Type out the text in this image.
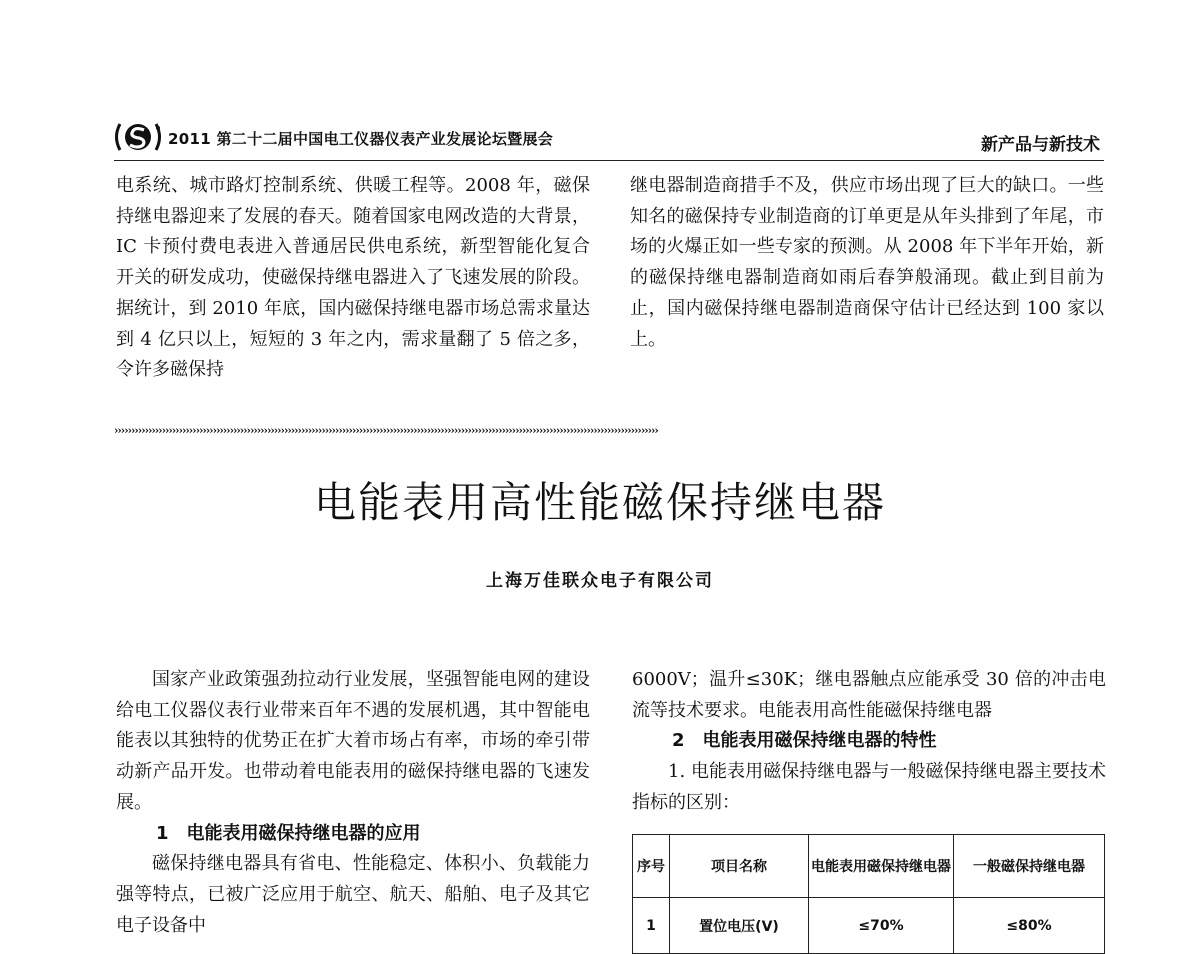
2011 第二十二届中国电工仪器仪表产业发展论坛暨展会	新产品与新技术

电系统、城市路灯控制系统、供暖工程等。2008 年，磁保持继电器迎来了发展的春天。随着国家电网改造的大背景，IC 卡预付费电表进入普通居民供电系统，新型智能化复合开关的研发成功，使磁保持继电器进入了飞速发展的阶段。据统计，到 2010 年底，国内磁保持继电器市场总需求量达到 4 亿只以上，短短的 3 年之内，需求量翻了 5 倍之多，令许多磁保持

继电器制造商措手不及，供应市场出现了巨大的缺口。一些知名的磁保持专业制造商的订单更是从年头排到了年尾，市场的火爆正如一些专家的预测。从 2008 年下半年开始，新的磁保持继电器制造商如雨后春笋般涌现。截止到目前为止，国内磁保持继电器制造商保守估计已经达到 100 家以上。

››››››››››››››››››››››››››››››››››››››››››››››››››››››››››››››››››››››››››››››››››››››››››››››››››››››››››››››››››››››››››››››››››››››››››››››››››››››››››››››››
电能表用高性能磁保持继电器
上海万佳联众电子有限公司

国家产业政策强劲拉动行业发展，坚强智能电网的建设给电工仪器仪表行业带来百年不遇的发展机遇，其中智能电能表以其独特的优势正在扩大着市场占有率，市场的牵引带动新产品开发。也带动着电能表用的磁保持继电器的飞速发展。

1　电能表用磁保持继电器的应用

磁保持继电器具有省电、性能稳定、体积小、负载能力强等特点，已被广泛应用于航空、航天、船舶、电子及其它电子设备中

6000V；温升≤30K；继电器触点应能承受 30 倍的冲击电流等技术要求。电能表用高性能磁保持继电器

2　电能表用磁保持继电器的特性

1. 电能表用磁保持继电器与一般磁保持继电器主要技术指标的区别：

序号	项目名称	电能表用磁保持继电器	一般磁保持继电器
1	置位电压(V)	≤70%	≤80%
